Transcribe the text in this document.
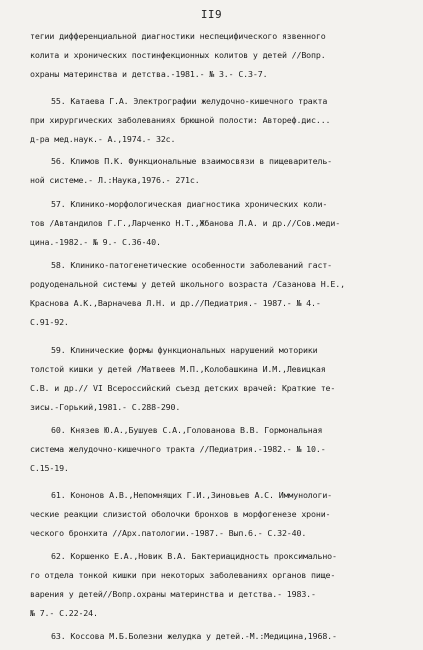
II9
тегии дифференциальной диагностики неспецифического язвенного
колита и хронических постинфекционных колитов у детей //Вопр.
охраны материнства и детства.-1981.- № 3.- С.3-7.
55. Катаева Г.А. Электрографии желудочно-кишечного тракта
при хирургических заболеваниях брюшной полости: Автореф.дис...
д-ра мед.наук.- А.,1974.- 32с.
56. Климов П.К. Функциональные взаимосвязи в пищеваритель-
ной системе.- Л.:Наука,1976.- 271с.
57. Клинико-морфологическая диагностика хронических коли-
тов /Автандилов Г.Г.,Ларченко Н.Т.,Жбанова Л.А. и др.//Сов.меди-
цина.-1982.- № 9.- С.36-40.
58. Клинико-патогенетические особенности заболеваний гаст-
родуоденальной системы у детей школьного возраста /Сазанова Н.Е.,
Краснова А.К.,Варначева Л.Н. и др.//Педиатрия.- 1987.- № 4.-
С.91-92.
59. Клинические формы функциональных нарушений моторики
толстой кишки у детей /Матвеев М.П.,Колобашкина И.М.,Левицкая
С.В. и др.// VI Всероссийский съезд детских врачей: Краткие те-
зисы.-Горький,1981.- С.288-290.
60. Князев Ю.А.,Бушуев С.А.,Голованова В.В. Гормональная
система желудочно-кишечного тракта //Педиатрия.-1982.- № 10.-
С.15-19.
61. Кононов А.В.,Непомнящих Г.И.,Зиновьев А.С. Иммунологи-
ческие реакции слизистой оболочки бронхов в морфогенезе хрони-
ческого бронхита //Арх.патологии.-1987.- Вып.6.- С.32-40.
62. Коршенко Е.А.,Новик В.А. Бактериацидность проксимально-
го отдела тонкой кишки при некоторых заболеваниях органов пище-
варения у детей//Вопр.охраны материнства и детства.- 1983.-
№ 7.- С.22-24.
63. Коссова М.Б.Болезни желудка у детей.-М.:Медицина,1968.-
